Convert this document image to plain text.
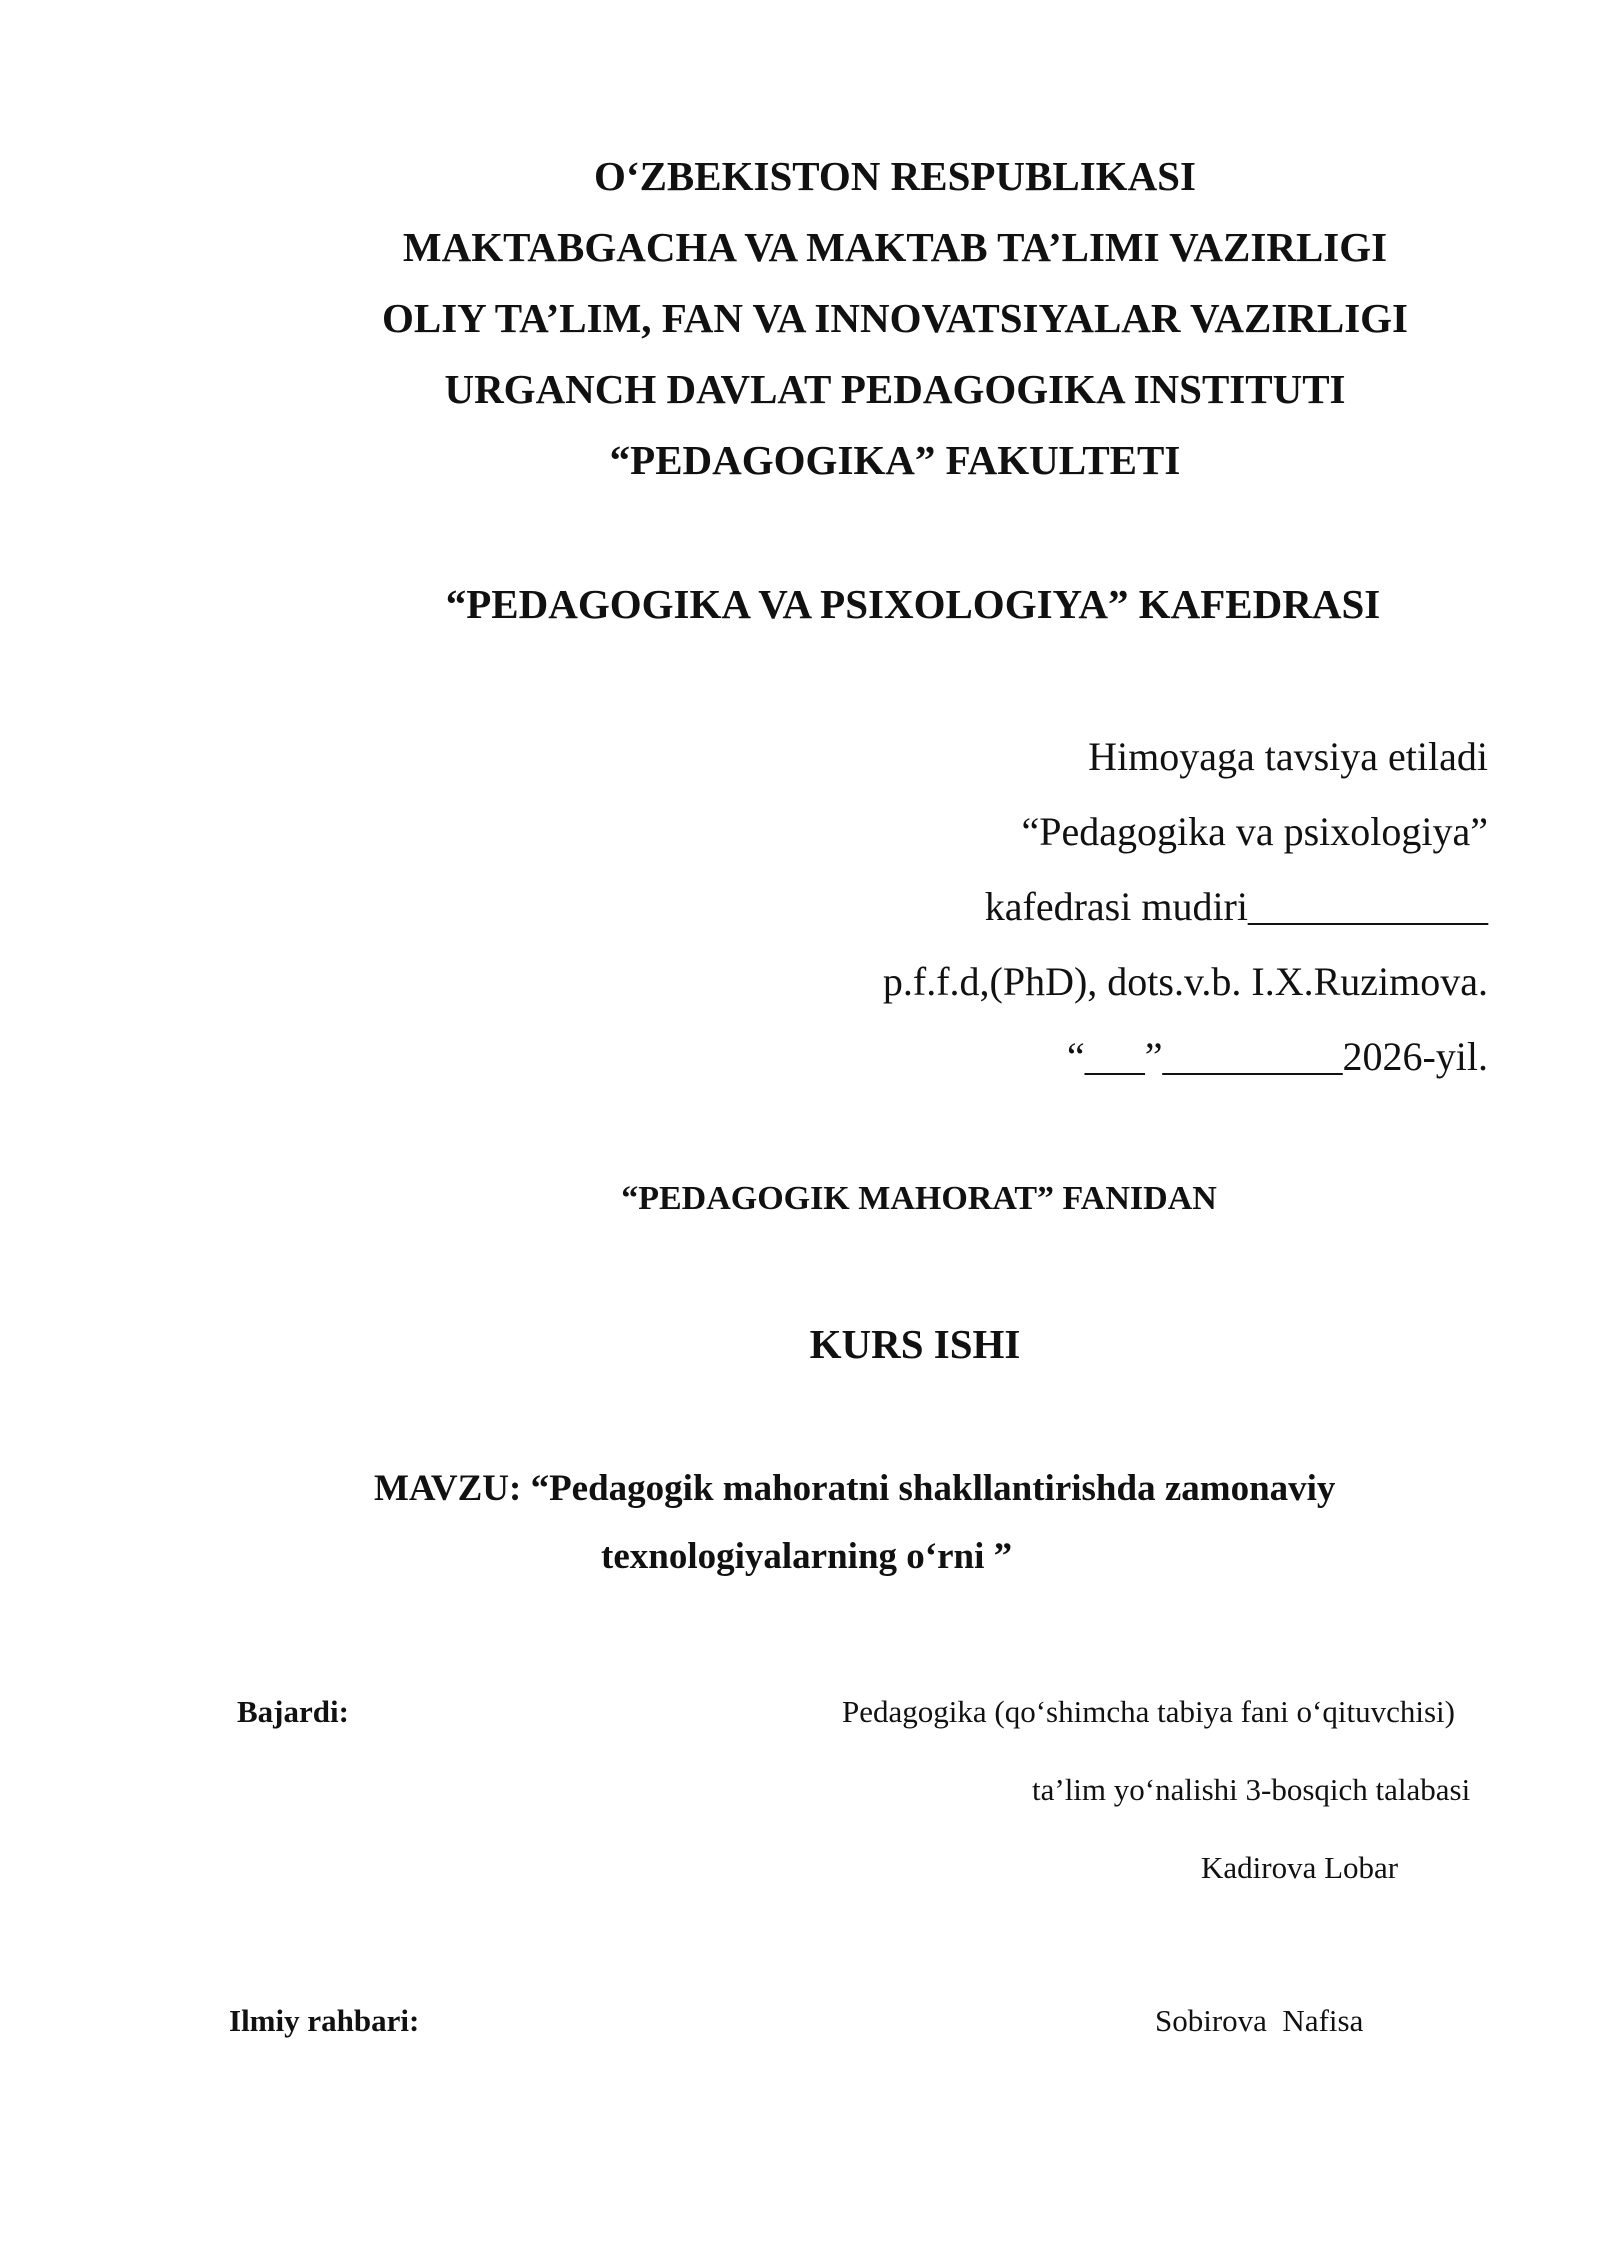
O‘ZBEKISTON RESPUBLIKASI
MAKTABGACHA VA MAKTAB TA’LIMI VAZIRLIGI
OLIY TA’LIM, FAN VA INNOVATSIYALAR VAZIRLIGI
URGANCH DAVLAT PEDAGOGIKA INSTITUTI
“PEDAGOGIKA” FAKULTETI
“PEDAGOGIKA VA PSIXOLOGIYA” KAFEDRASI
Himoyaga tavsiya etiladi
“Pedagogika va psixologiya”
kafedrasi mudiri____________
p.f.f.d,(PhD), dots.v.b. I.X.Ruzimova.
“___”_________2026-yil.
“PEDAGOGIK MAHORAT” FANIDAN
KURS ISHI
MAVZU: “Pedagogik mahoratni shakllantirishda zamonaviy
texnologiyalarning o‘rni ”
Bajardi:	Pedagogika (qo‘shimcha tabiya fani o‘qituvchisi)
ta’lim yo‘nalishi 3-bosqich talabasi
Kadirova Lobar
Ilmiy rahbari:	Sobirova  Nafisa
